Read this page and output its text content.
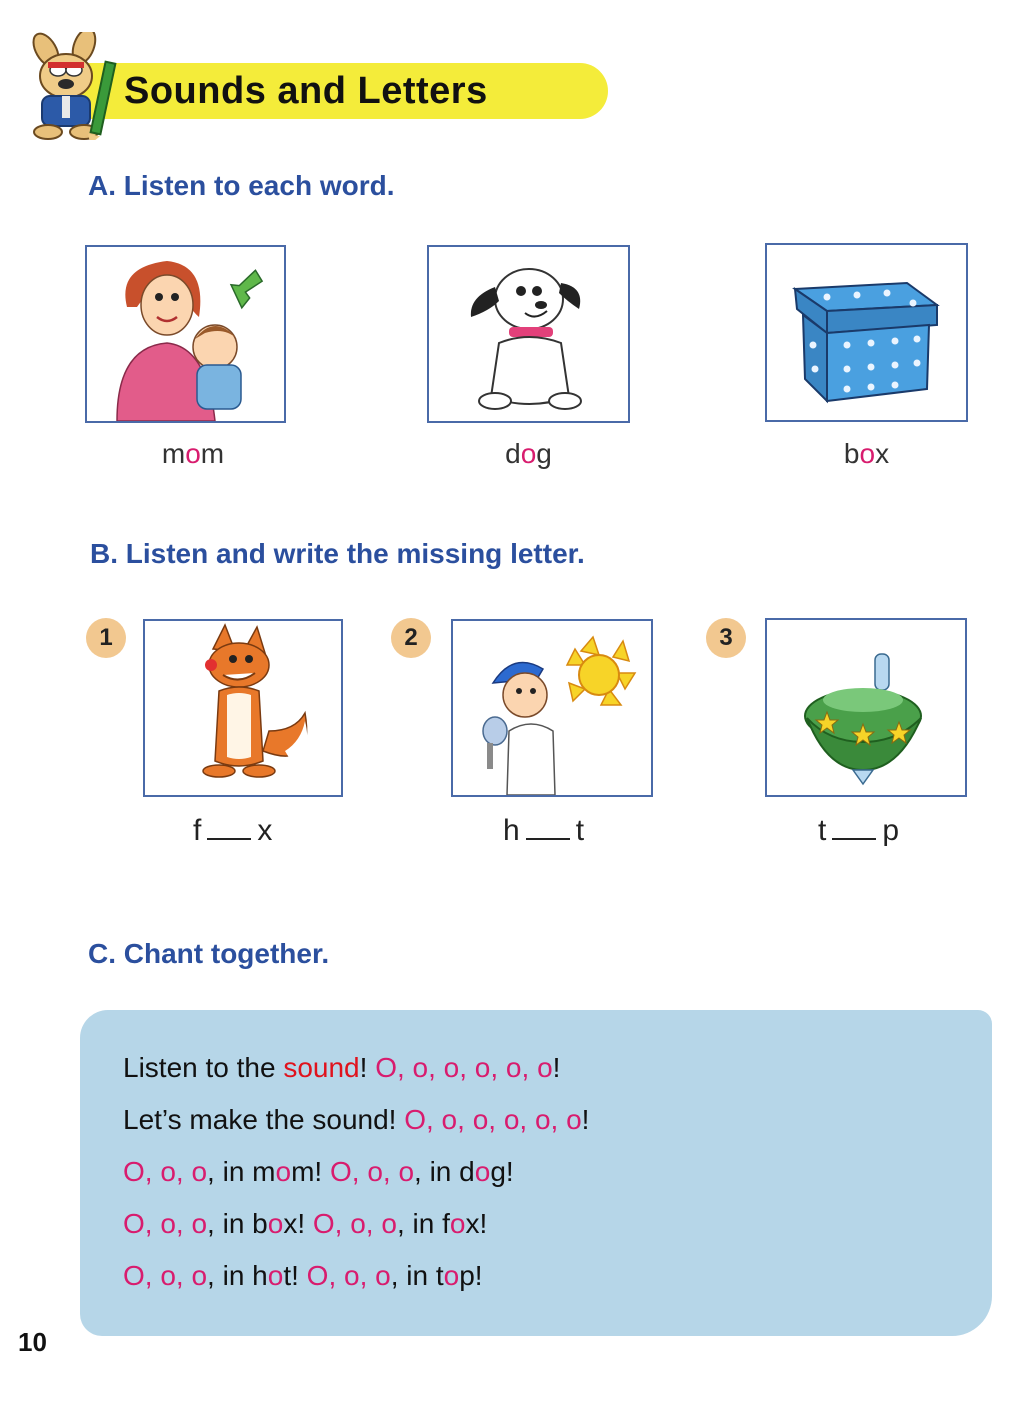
Sounds and Letters
A. Listen to each word.
mom	dog	box
B. Listen and write the missing letter.
1	2	3
f x	h t	t p
C. Chant together.
Listen to the sound! O, o, o, o, o, o!
Let’s make the sound! O, o, o, o, o, o!
O, o, o, in mom! O, o, o, in dog!
O, o, o, in box! O, o, o, in fox!
O, o, o, in hot! O, o, o, in top!
10
